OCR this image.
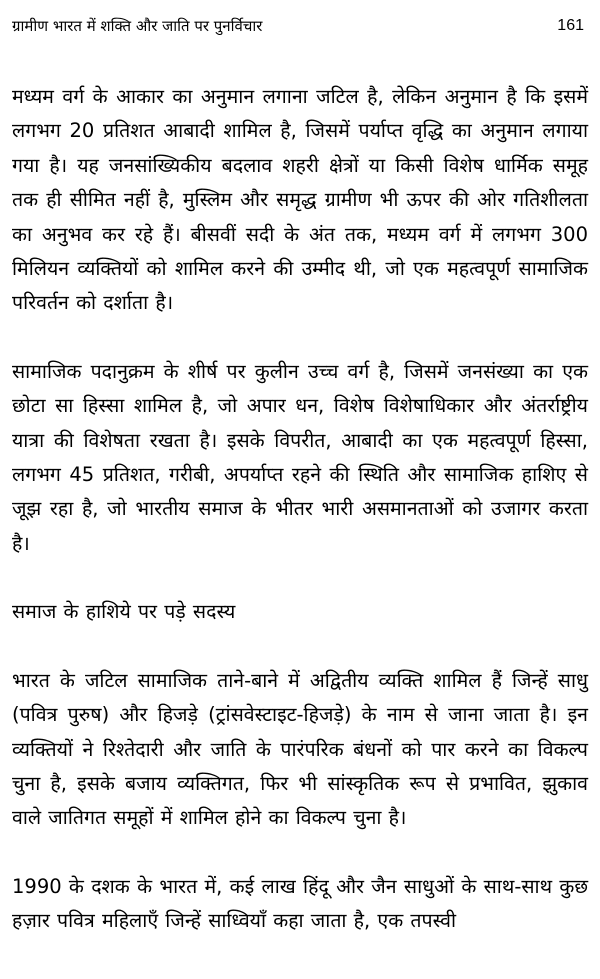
ग्रामीण भारत में शक्ति और जाति पर पुनर्विचार	161

मध्यम वर्ग के आकार का अनुमान लगाना जटिल है, लेकिन अनुमान है कि इसमें लगभग 20 प्रतिशत आबादी शामिल है, जिसमें पर्याप्त वृद्धि का अनुमान लगाया गया है। यह जनसांख्यिकीय बदलाव शहरी क्षेत्रों या किसी विशेष धार्मिक समूह तक ही सीमित नहीं है, मुस्लिम और समृद्ध ग्रामीण भी ऊपर की ओर गतिशीलता का अनुभव कर रहे हैं। बीसवीं सदी के अंत तक, मध्यम वर्ग में लगभग 300 मिलियन व्यक्तियों को शामिल करने की उम्मीद थी, जो एक महत्वपूर्ण सामाजिक परिवर्तन को दर्शाता है।

सामाजिक पदानुक्रम के शीर्ष पर कुलीन उच्च वर्ग है, जिसमें जनसंख्या का एक छोटा सा हिस्सा शामिल है, जो अपार धन, विशेष विशेषाधिकार और अंतर्राष्ट्रीय यात्रा की विशेषता रखता है। इसके विपरीत, आबादी का एक महत्वपूर्ण हिस्सा, लगभग 45 प्रतिशत, गरीबी, अपर्याप्त रहने की स्थिति और सामाजिक हाशिए से जूझ रहा है, जो भारतीय समाज के भीतर भारी असमानताओं को उजागर करता है।

समाज के हाशिये पर पड़े सदस्य

भारत के जटिल सामाजिक ताने-बाने में अद्वितीय व्यक्ति शामिल हैं जिन्हें साधु (पवित्र पुरुष) और हिजड़े (ट्रांसवेस्टाइट-हिजड़े) के नाम से जाना जाता है। इन व्यक्तियों ने रिश्तेदारी और जाति के पारंपरिक बंधनों को पार करने का विकल्प चुना है, इसके बजाय व्यक्तिगत, फिर भी सांस्कृतिक रूप से प्रभावित, झुकाव वाले जातिगत समूहों में शामिल होने का विकल्प चुना है।

1990 के दशक के भारत में, कई लाख हिंदू और जैन साधुओं के साथ-साथ कुछ हज़ार पवित्र महिलाएँ जिन्हें साध्वियाँ कहा जाता है, एक तपस्वी
